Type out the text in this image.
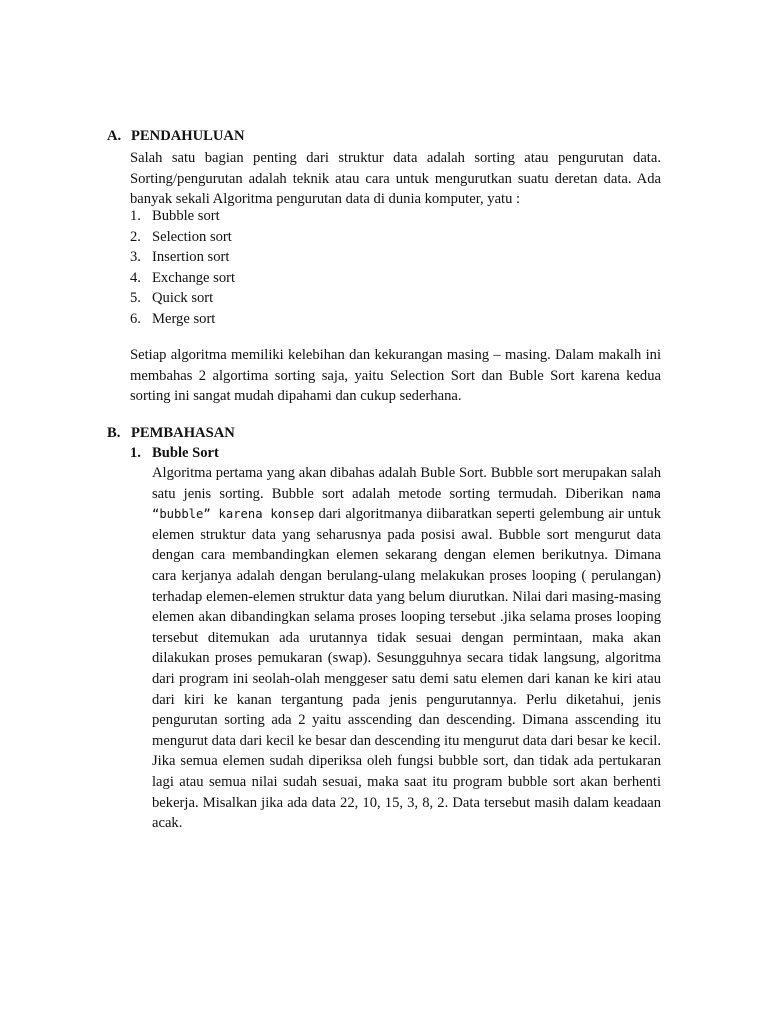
A. PENDAHULUAN
Salah satu bagian penting dari struktur data adalah sorting atau pengurutan data. Sorting/pengurutan adalah teknik atau cara untuk mengurutkan suatu deretan data. Ada banyak sekali Algoritma pengurutan data di dunia komputer, yatu :
1. Bubble sort
2. Selection sort
3. Insertion sort
4. Exchange sort
5. Quick sort
6. Merge sort
Setiap algoritma memiliki kelebihan dan kekurangan masing – masing. Dalam makalh ini membahas 2 algortima sorting saja, yaitu Selection Sort dan Buble Sort karena kedua sorting ini sangat mudah dipahami dan cukup sederhana.
B. PEMBAHASAN
1. Buble Sort
Algoritma pertama yang akan dibahas adalah Buble Sort. Bubble sort merupakan salah satu jenis sorting. Bubble sort adalah metode sorting termudah. Diberikan nama “bubble” karena konsep dari algoritmanya diibaratkan seperti gelembung air untuk elemen struktur data yang seharusnya pada posisi awal. Bubble sort mengurut data dengan cara membandingkan elemen sekarang dengan elemen berikutnya. Dimana cara kerjanya adalah dengan berulang-ulang melakukan proses looping ( perulangan) terhadap elemen-elemen struktur data yang belum diurutkan. Nilai dari masing-masing elemen akan dibandingkan selama proses looping tersebut .jika selama proses looping tersebut ditemukan ada urutannya tidak sesuai dengan permintaan, maka akan dilakukan proses pemukaran (swap). Sesungguhnya secara tidak langsung, algoritma dari program ini seolah-olah menggeser satu demi satu elemen dari kanan ke kiri atau dari kiri ke kanan tergantung pada jenis pengurutannya. Perlu diketahui, jenis pengurutan sorting ada 2 yaitu asscending dan descending. Dimana asscending itu mengurut data dari kecil ke besar dan descending itu mengurut data dari besar ke kecil. Jika semua elemen sudah diperiksa oleh fungsi bubble sort, dan tidak ada pertukaran lagi atau semua nilai sudah sesuai, maka saat itu program bubble sort akan berhenti bekerja. Misalkan jika ada data 22, 10, 15, 3, 8, 2. Data tersebut masih dalam keadaan acak.
